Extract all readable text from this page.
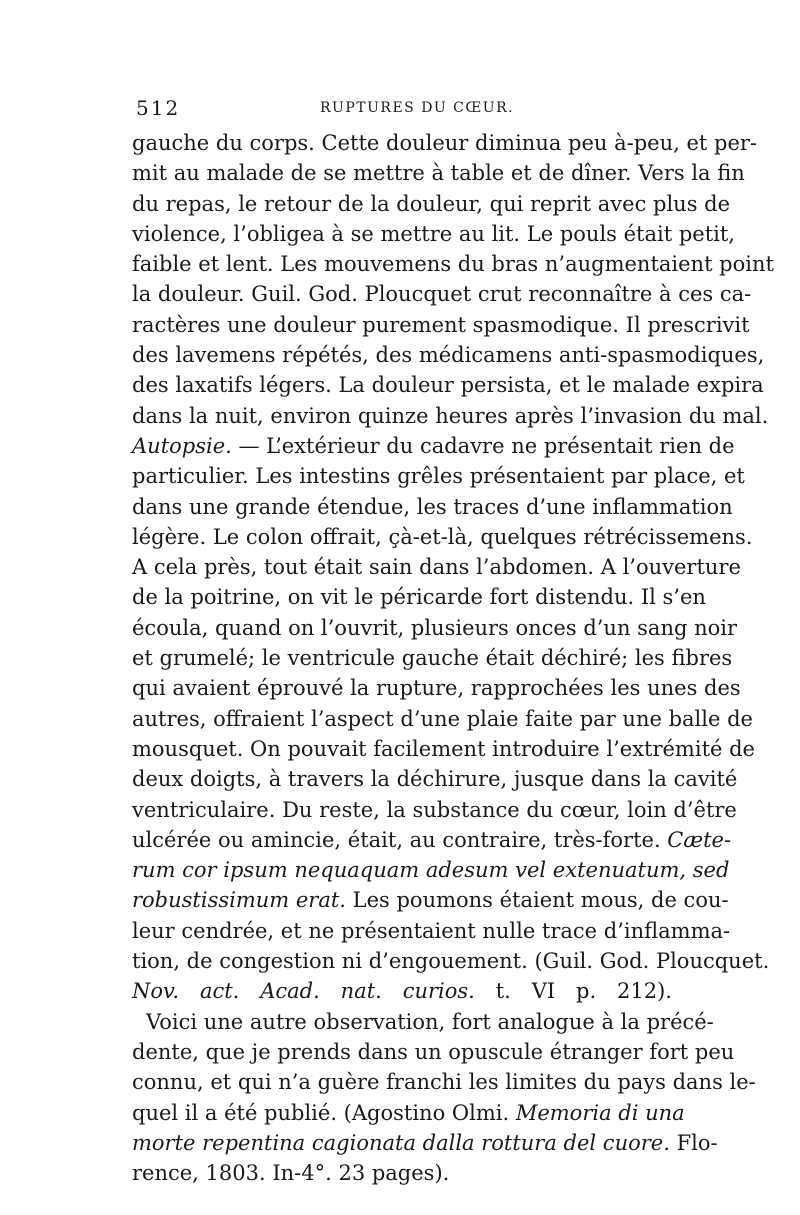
512	RUPTURES DU CŒUR.
gauche du corps. Cette douleur diminua peu à-peu, et per-
mit au malade de se mettre à table et de dîner. Vers la fin
du repas, le retour de la douleur, qui reprit avec plus de
violence, l’obligea à se mettre au lit. Le pouls était petit,
faible et lent. Les mouvemens du bras n’augmentaient point
la douleur. Guil. God. Ploucquet crut reconnaître à ces ca-
ractères une douleur purement spasmodique. Il prescrivit
des lavemens répétés, des médicamens anti-spasmodiques,
des laxatifs légers. La douleur persista, et le malade expira
dans la nuit, environ quinze heures après l’invasion du mal.
Autopsie. — L’extérieur du cadavre ne présentait rien de
particulier. Les intestins grêles présentaient par place, et
dans une grande étendue, les traces d’une inflammation
légère. Le colon offrait, çà-et-là, quelques rétrécissemens.
A cela près, tout était sain dans l’abdomen. A l’ouverture
de la poitrine, on vit le péricarde fort distendu. Il s’en
écoula, quand on l’ouvrit, plusieurs onces d’un sang noir
et grumelé; le ventricule gauche était déchiré; les fibres
qui avaient éprouvé la rupture, rapprochées les unes des
autres, offraient l’aspect d’une plaie faite par une balle de
mousquet. On pouvait facilement introduire l’extrémité de
deux doigts, à travers la déchirure, jusque dans la cavité
ventriculaire. Du reste, la substance du cœur, loin d’être
ulcérée ou amincie, était, au contraire, très-forte. Cæte-
rum cor ipsum nequaquam adesum vel extenuatum, sed
robustissimum erat. Les poumons étaient mous, de cou-
leur cendrée, et ne présentaient nulle trace d’inflamma-
tion, de congestion ni d’engouement. (Guil. God. Ploucquet.
Nov. act. Acad. nat. curios. t. VI p. 212).
Voici une autre observation, fort analogue à la précé-
dente, que je prends dans un opuscule étranger fort peu
connu, et qui n’a guère franchi les limites du pays dans le-
quel il a été publié. (Agostino Olmi. Memoria di una
morte repentina cagionata dalla rottura del cuore. Flo-
rence, 1803. In-4°. 23 pages).
